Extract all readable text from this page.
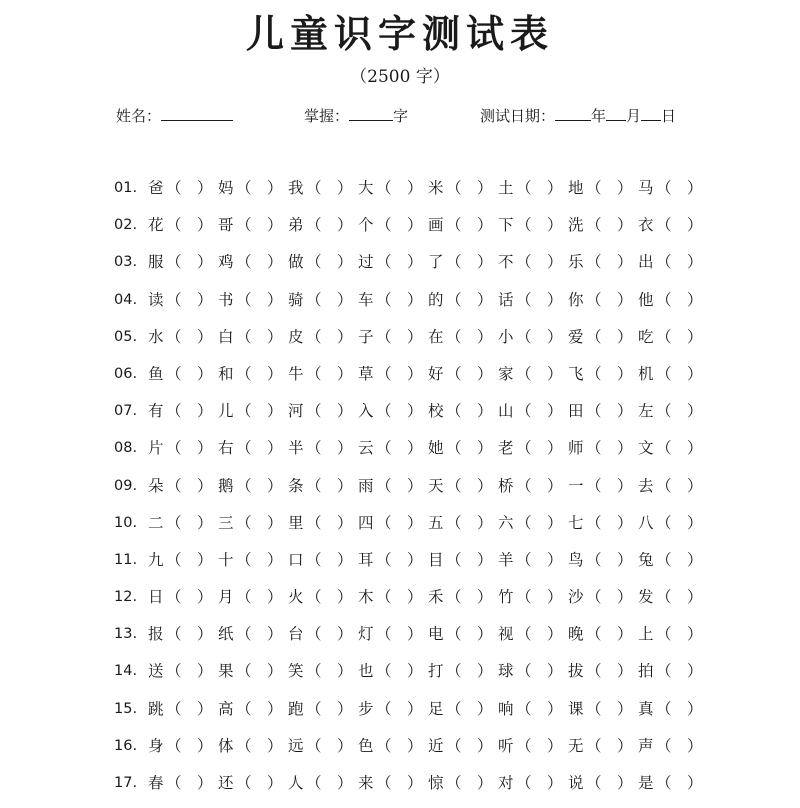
儿童识字测试表
（2500 字）
姓名：	掌握：	字	测试日期： 年 月 日
01. 爸 （　） 妈 （　） 我 （　） 大 （　） 米 （　） 土 （　） 地 （　） 马 （　）
02. 花 （　） 哥 （　） 弟 （　） 个 （　） 画 （　） 下 （　） 洗 （　） 衣 （　）
03. 服 （　） 鸡 （　） 做 （　） 过 （　） 了 （　） 不 （　） 乐 （　） 出 （　）
04. 读 （　） 书 （　） 骑 （　） 车 （　） 的 （　） 话 （　） 你 （　） 他 （　）
05. 水 （　） 白 （　） 皮 （　） 子 （　） 在 （　） 小 （　） 爱 （　） 吃 （　）
06. 鱼 （　） 和 （　） 牛 （　） 草 （　） 好 （　） 家 （　） 飞 （　） 机 （　）
07. 有 （　） 儿 （　） 河 （　） 入 （　） 校 （　） 山 （　） 田 （　） 左 （　）
08. 片 （　） 右 （　） 半 （　） 云 （　） 她 （　） 老 （　） 师 （　） 文 （　）
09. 朵 （　） 鹅 （　） 条 （　） 雨 （　） 天 （　） 桥 （　） 一 （　） 去 （　）
10. 二 （　） 三 （　） 里 （　） 四 （　） 五 （　） 六 （　） 七 （　） 八 （　）
11. 九 （　） 十 （　） 口 （　） 耳 （　） 目 （　） 羊 （　） 鸟 （　） 兔 （　）
12. 日 （　） 月 （　） 火 （　） 木 （　） 禾 （　） 竹 （　） 沙 （　） 发 （　）
13. 报 （　） 纸 （　） 台 （　） 灯 （　） 电 （　） 视 （　） 晚 （　） 上 （　）
14. 送 （　） 果 （　） 笑 （　） 也 （　） 打 （　） 球 （　） 拔 （　） 拍 （　）
15. 跳 （　） 高 （　） 跑 （　） 步 （　） 足 （　） 响 （　） 课 （　） 真 （　）
16. 身 （　） 体 （　） 远 （　） 色 （　） 近 （　） 听 （　） 无 （　） 声 （　）
17. 春 （　） 还 （　） 人 （　） 来 （　） 惊 （　） 对 （　） 说 （　） 是 （　）
